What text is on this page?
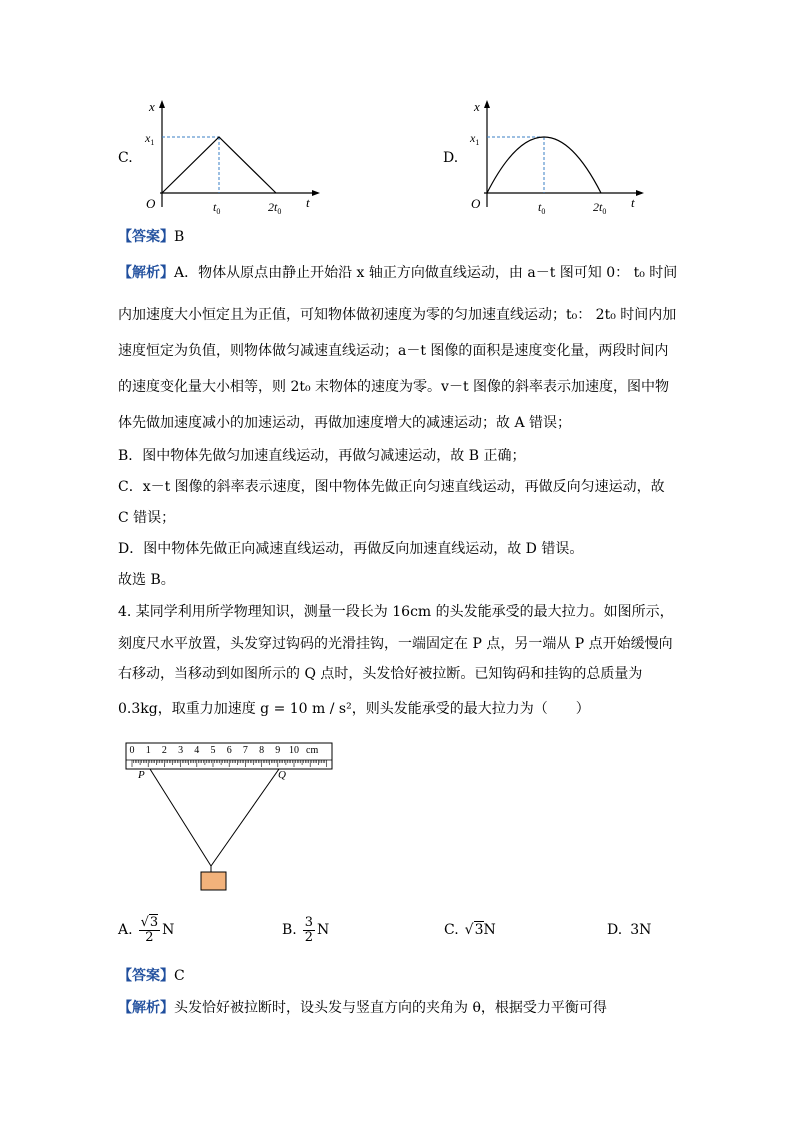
C.
x
t
$x_1$
O	$t_0$	$2t_0$
D.
x
t
$x_1$
O	$t_0$	$2t_0$
【答案】B
【解析】A．物体从原点由静止开始沿 x 轴正方向做直线运动，由 a－t 图可知 0： t₀ 时间
内加速度大小恒定且为正值，可知物体做初速度为零的匀加速直线运动；t₀： 2t₀ 时间内加
速度恒定为负值，则物体做匀减速直线运动；a－t 图像的面积是速度变化量，两段时间内
的速度变化量大小相等，则 2t₀ 末物体的速度为零。v－t 图像的斜率表示加速度，图中物
体先做加速度减小的加速运动，再做加速度增大的减速运动；故 A 错误；
B．图中物体先做匀加速直线运动，再做匀减速运动，故 B 正确；
C．x－t 图像的斜率表示速度，图中物体先做正向匀速直线运动，再做反向匀速运动，故
C 错误；
D．图中物体先做正向减速直线运动，再做反向加速直线运动，故 D 错误。
故选 B。
4. 某同学利用所学物理知识，测量一段长为 16cm 的头发能承受的最大拉力。如图所示，
刻度尺水平放置，头发穿过钩码的光滑挂钩，一端固定在 P 点，另一端从 P 点开始缓慢向
右移动，当移动到如图所示的 Q 点时，头发恰好被拉断。已知钩码和挂钩的总质量为
0.3kg，取重力加速度 g = 10 m / s²，则头发能承受的最大拉力为（　　）
0 1 2 3 4 5 6 7 8 9 10 cm
P	Q
A. $\frac{√3}{2}$ N	B. $\frac{3}{2}$ N	C. √3 N	D. 3N
【答案】C
【解析】头发恰好被拉断时，设头发与竖直方向的夹角为 θ，根据受力平衡可得
